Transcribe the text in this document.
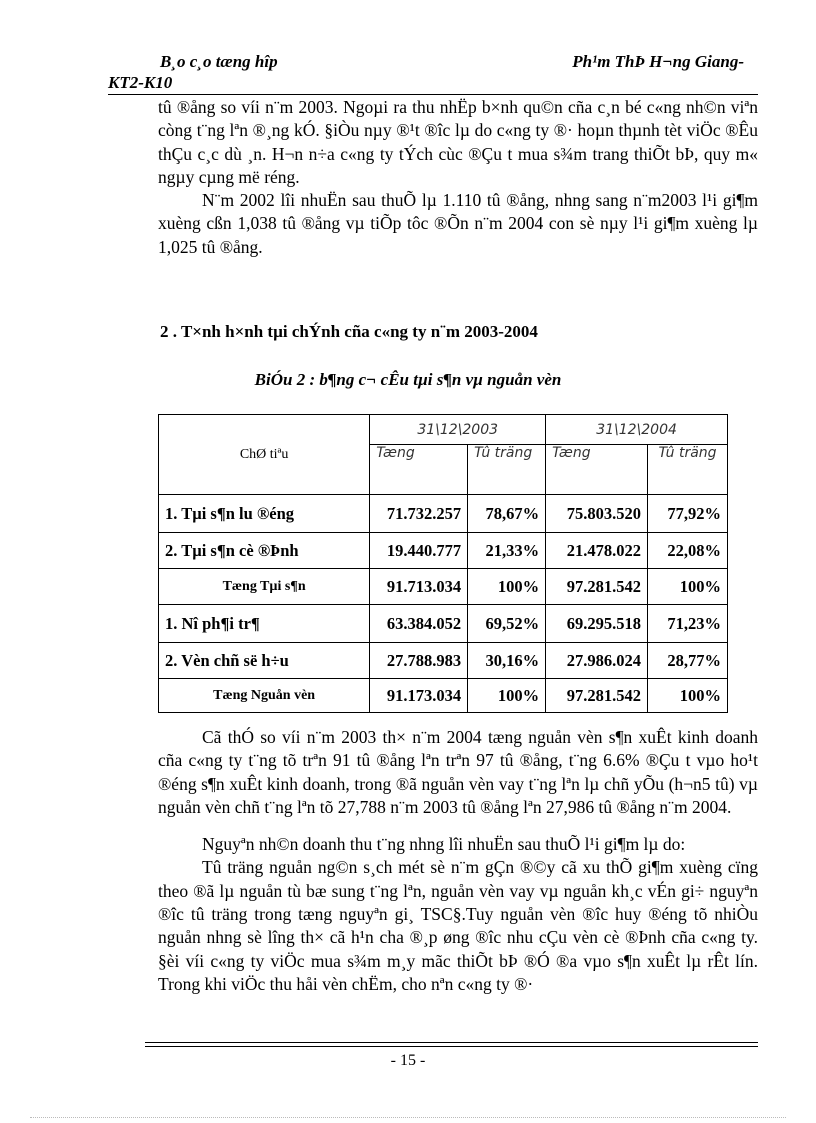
B¸o c¸o tæng hîp	Ph¹m ThÞ H¬ng Giang-
KT2-K10

tû ®ång so víi n¨m 2003. Ngoµi ra thu nhËp b×nh qu©n cña c¸n bé c«ng nh©n viªn còng t¨ng lªn ®¸ng kÓ. §iÒu nµy ®¹t ®îc lµ do c«ng ty ®· hoµn thµnh tèt viÖc ®Êu thÇu c¸c dù ¸n. H¬n n÷a c«ng ty tÝch cùc ®Çu t mua s¾m trang thiÕt bÞ, quy m« ngµy cµng më réng.

N¨m 2002 lîi nhuËn sau thuÕ lµ 1.110 tû ®ång, nhng sang n¨m2003 l¹i gi¶m xuèng cßn 1,038 tû ®ång vµ tiÕp tôc ®Õn n¨m 2004 con sè nµy l¹i gi¶m xuèng lµ 1,025 tû ®ång.

2 . T×nh h×nh tµi chÝnh cña c«ng ty n¨m 2003-2004
BiÓu 2 : b¶ng c¬ cÊu tµi s¶n vµ nguån vèn
ChØ tiªu	31\12\2003		31\12\2004	
	Tæng	Tû träng	Tæng	Tû träng
1. Tµi s¶n lu ®éng	71.732.257	78,67%	75.803.520	77,92%
2. Tµi s¶n cè ®Þnh	19.440.777	21,33%	21.478.022	22,08%
Tæng Tµi s¶n	91.713.034	100%	97.281.542	100%
1. Nî ph¶i tr¶	63.384.052	69,52%	69.295.518	71,23%
2. Vèn chñ së h÷u	27.788.983	30,16%	27.986.024	28,77%
Tæng Nguån vèn	91.173.034	100%	97.281.542	100%

Cã thÓ so víi n¨m 2003 th× n¨m 2004 tæng nguån vèn s¶n xuÊt kinh doanh cña c«ng ty t¨ng tõ trªn 91 tû ®ång lªn trªn 97 tû ®ång, t¨ng 6.6% ®Çu t vµo ho¹t ®éng s¶n xuÊt kinh doanh, trong ®ã nguån vèn vay t¨ng lªn lµ chñ yÕu (h¬n5 tû) vµ nguån vèn chñ t¨ng lªn tõ 27,788 n¨m 2003 tû ®ång lªn 27,986 tû ®ång n¨m 2004.

Nguyªn nh©n doanh thu t¨ng nhng lîi nhuËn sau thuÕ l¹i gi¶m lµ do:

Tû träng nguån ng©n s¸ch mét sè n¨m gÇn ®©y cã xu thÕ gi¶m xuèng cïng theo ®ã lµ nguån tù bæ sung t¨ng lªn, nguån vèn vay vµ nguån kh¸c vÉn gi÷ nguyªn ®îc tû träng trong tæng nguyªn gi¸ TSC§.Tuy nguån vèn ®îc huy ®éng tõ nhiÒu nguån nhng sè lîng th× cã h¹n cha ®¸p øng ®îc nhu cÇu vèn cè ®Þnh cña c«ng ty. §èi víi c«ng ty viÖc mua s¾m m¸y mãc thiÕt bÞ ®Ó ®a vµo s¶n xuÊt lµ rÊt lín. Trong khi viÖc thu håi vèn chËm, cho nªn c«ng ty ®·

- 15 -
